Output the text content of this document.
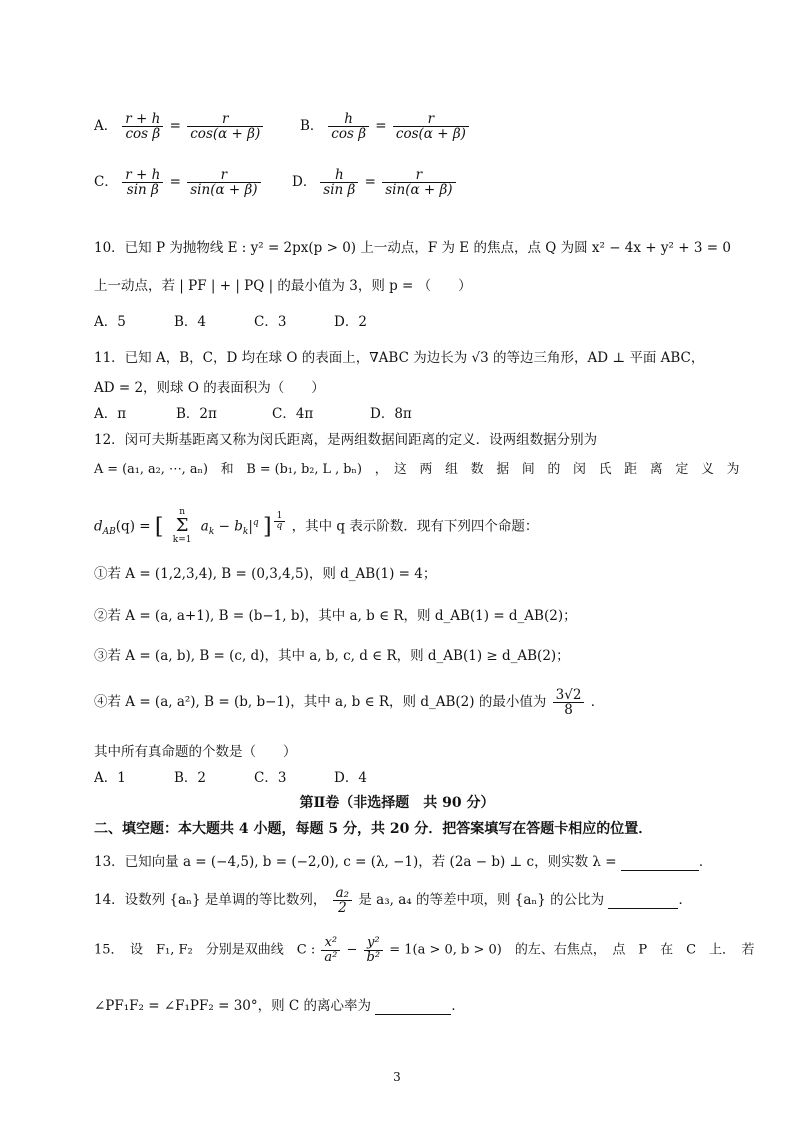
A． $\frac{r + h}{\text{cos β}} = \frac{r}{\cos(\alpha + \beta)}$	B． $\frac{h}{\text{cos β}} = \frac{r}{\cos(\alpha + \beta)}$
C． $\frac{r + h}{\text{sin β}} = \frac{r}{\sin(\alpha + \beta)}$ D． $\frac{h}{\text{sin β}} = \frac{r}{\sin(\alpha + \beta)}$
10．已知 P 为抛物线 E : y² = 2px(p > 0) 上一动点，F 为 E 的焦点，点 Q 为圆 x² − 4x + y² + 3 = 0
上一动点，若 | PF | + | PQ | 的最小值为 3，则 p = （　　）
A．5	B．4	C．3	D．2
11．已知 A，B，C，D 均在球 O 的表面上，∇ABC 为边长为 √3 的等边三角形，AD ⊥ 平面 ABC，
AD = 2，则球 O 的表面积为（　　）
A．π	B．2π	C．4π	D．8π
12．闵可夫斯基距离又称为闵氏距离，是两组数据间距离的定义．设两组数据分别为
A = (a₁, a₂, ⋯, aₙ)　和　B = (b₁, b₂, L , bₙ)　，　这　两　组　数　据　间　的　闵　氏　距　离　定　义　为
$d_{AB}(q)$ = [
n
Σ
k=1
$a_k - b_k|^q$ ] $^{\frac{1}{q}}$ ，其中 q 表示阶数．现有下列四个命题：
①若 A = (1,2,3,4), B = (0,3,4,5)，则 d_AB(1) = 4；
②若 A = (a, a+1), B = (b−1, b)，其中 a, b ∈ R，则 d_AB(1) = d_AB(2)；
③若 A = (a, b), B = (c, d)，其中 a, b, c, d ∈ R，则 d_AB(1) ≥ d_AB(2)；
④若 A = (a, a²), B = (b, b−1)，其中 a, b ∈ R，则 d_AB(2) 的最小值为 $\frac{3√2}{8}$ ．
其中所有真命题的个数是（　　）
A．1	B．2	C．3	D．4
第Ⅱ卷（非选择题　共 90 分）
二、填空题：本大题共 4 小题，每题 5 分，共 20 分．把答案填写在答题卡相应的位置．
13．已知向量 a = (−4,5), b = (−2,0), c = (λ, −1)，若 (2a − b) ⊥ c，则实数 λ =	．
14．设数列 {aₙ} 是单调的等比数列， $\frac{\text{a₂}}{2}$ 是 a₃, a₄ 的等差中项，则 {aₙ} 的公比为	．
15．　设　F₁, F₂　分别是双曲线　C : $\frac{\text{x²}}{\text{a²}} - \frac{\text{y²}}{\text{b²}} = 1(a > 0$, b > 0)　的左、右焦点，　点　P　在　C　上．　若
∠PF₁F₂ = ∠F₁PF₂ = 30°，则 C 的离心率为	．
3
